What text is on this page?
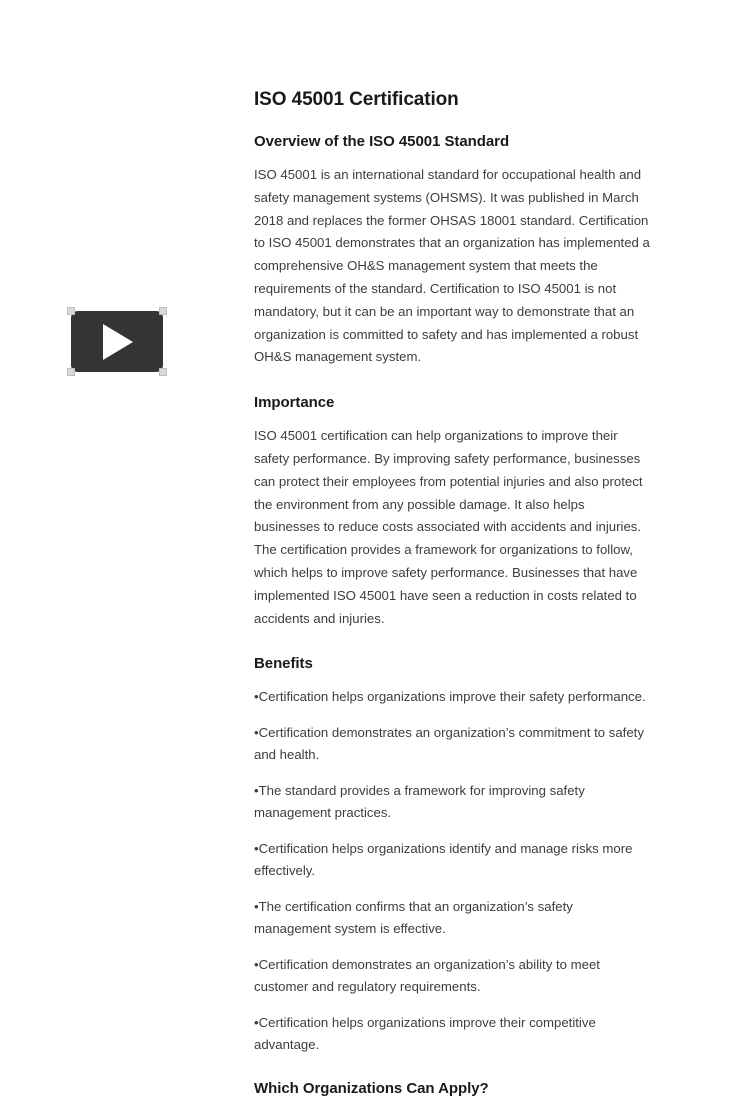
ISO 45001 Certification
Overview of the ISO 45001 Standard

ISO 45001 is an international standard for occupational health and safety management systems (OHSMS). It was published in March 2018 and replaces the former OHSAS 18001 standard. Certification to ISO 45001 demonstrates that an organization has implemented a comprehensive OH&S management system that meets the requirements of the standard. Certification to ISO 45001 is not mandatory, but it can be an important way to demonstrate that an organization is committed to safety and has implemented a robust OH&S management system.

Importance

ISO 45001 certification can help organizations to improve their safety performance. By improving safety performance, businesses can protect their employees from potential injuries and also protect the environment from any possible damage. It also helps businesses to reduce costs associated with accidents and injuries. The certification provides a framework for organizations to follow, which helps to improve safety performance. Businesses that have implemented ISO 45001 have seen a reduction in costs related to accidents and injuries.

Benefits
•Certification helps organizations improve their safety performance.
•Certification demonstrates an organization’s commitment to safety and health.
•The standard provides a framework for improving safety management practices.
•Certification helps organizations identify and manage risks more effectively.
•The certification confirms that an organization’s safety management system is effective.
•Certification demonstrates an organization’s ability to meet customer and regulatory requirements.
•Certification helps organizations improve their competitive advantage.
Which Organizations Can Apply?
